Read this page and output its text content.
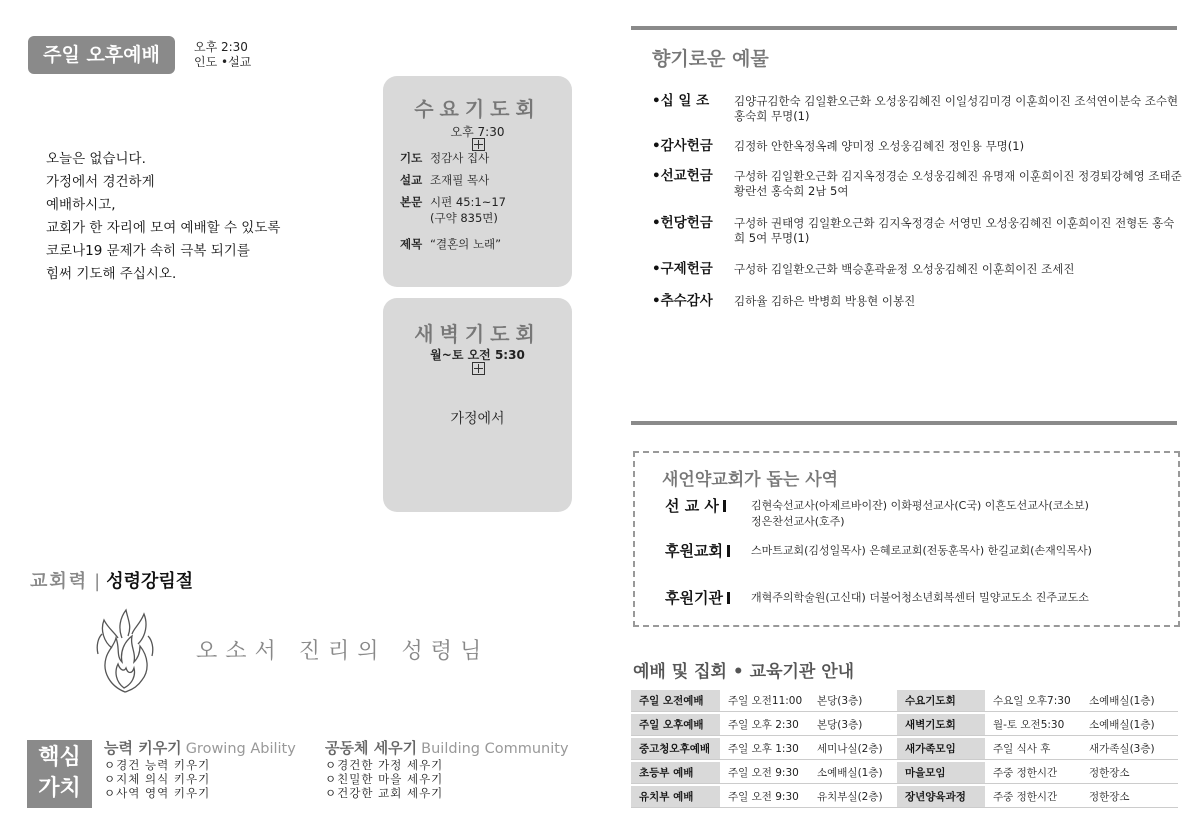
주일 오후예배	오후 2:30
인도 •설교
오늘은 없습니다.
가정에서 경건하게
예배하시고,
교회가 한 자리에 모여 예배할 수 있도록
코로나19 문제가 속히 극복 되기를
힘써 기도해 주십시오.
수요기도회
오후 7:30
기도 정감사 집사
설교 조재필 목사
본문 시편 45:1~17
(구약 835면)
제목 “결혼의 노래”
새벽기도회
월~토 오전 5:30
가정에서
교회력 | 성령강림절
오소서 진리의 성령님
핵심
가치
능력 키우기 Growing Ability
ㅇ경건 능력 키우기
ㅇ지체 의식 키우기
ㅇ사역 영역 키우기
공동체 세우기 Building Community
ㅇ경건한 가정 세우기
ㅇ친밀한 마을 세우기
ㅇ건강한 교회 세우기
향기로운 예물
•십 일 조	김양규김한숙 김일환오근화 오성웅김혜진 이일성김미경 이훈희이진 조석연이분숙 조수현 홍숙희 무명(1)
•감사헌금	김정하 안한옥정옥례 양미정 오성웅김혜진 정인용 무명(1)
•선교헌금	구성하 김일환오근화 김지옥정경순 오성웅김혜진 유명재 이훈희이진 정경퇴강혜영 조태준황란선 홍숙희 2남 5여
•헌당헌금	구성하 권태영 김일환오근화 김지옥정경순 서영민 오성웅김혜진 이훈희이진 전형돈 홍숙희 5여 무명(1)
•구제헌금	구성하 김일환오근화 백승훈곽윤정 오성웅김혜진 이훈희이진 조세진
•추수감사	김하율 김하은 박병희 박용현 이봉진
새언약교회가 돕는 사역
선 교 사	김현숙선교사(아제르바이잔) 이화평선교사(C국) 이흔도선교사(코소보)
정은찬선교사(호주)
후원교회	스마트교회(김성일목사) 은혜로교회(전동훈목사) 한길교회(손재익목사)
후원기관	개혁주의학술원(고신대) 더불어청소년회복센터 밀양교도소 진주교도소
예배 및 집회 • 교육기관 안내
주일 오전예배	주일 오전11:00	본당(3층)	수요기도회	수요일 오후7:30	소예배실(1층)
주일 오후예배	주일 오후 2:30	본당(3층)	새벽기도회	월-토 오전5:30	소예배실(1층)
중고청오후예배	주일 오후 1:30	세미나실(2층)	새가족모임	주일 식사 후	새가족실(3층)
초등부 예배	주일 오전 9:30	소예배실(1층)	마을모임	주중 정한시간	정한장소
유치부 예배	주일 오전 9:30	유치부실(2층)	장년양육과정	주중 정한시간	정한장소
